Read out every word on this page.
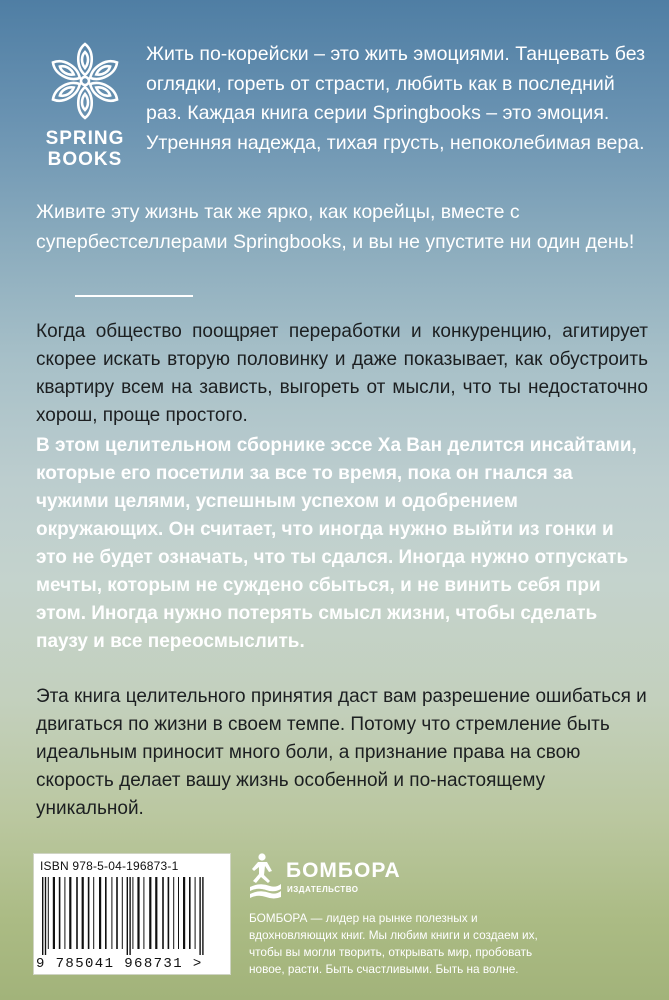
SPRING
BOOKS
Жить по-корейски – это жить эмоциями. Танцевать без оглядки, гореть от страсти, любить как в последний раз. Каждая книга серии Springbooks – это эмоция. Утренняя надежда, тихая грусть, непоколебимая вера.
Живите эту жизнь так же ярко, как корейцы, вместе с супербестселлерами Springbooks, и вы не упустите ни один день!
Когда общество поощряет переработки и конкуренцию, агитирует скорее искать вторую половинку и даже показывает, как обустроить квартиру всем на зависть, выгореть от мысли, что ты недостаточно хорош, проще простого.
В этом целительном сборнике эссе Ха Ван делится инсайтами, которые его посетили за все то время, пока он гнался за чужими целями, успешным успехом и одобрением окружающих. Он считает, что иногда нужно выйти из гонки и это не будет означать, что ты сдался. Иногда нужно отпускать мечты, которым не суждено сбыться, и не винить себя при этом. Иногда нужно потерять смысл жизни, чтобы сделать паузу и все переосмыслить.
Эта книга целительного принятия даст вам разрешение ошибаться и двигаться по жизни в своем темпе. Потому что стремление быть идеальным приносит много боли, а признание права на свою скорость делает вашу жизнь особенной и по-настоящему уникальной.
ISBN 978-5-04-196873-1
9 785041 968731 >
БОМБОРА
ИЗДАТЕЛЬСТВО
БОМБОРА — лидер на рынке полезных и вдохновляющих книг. Мы любим книги и создаем их, чтобы вы могли творить, открывать мир, пробовать новое, расти. Быть счастливыми. Быть на волне.
